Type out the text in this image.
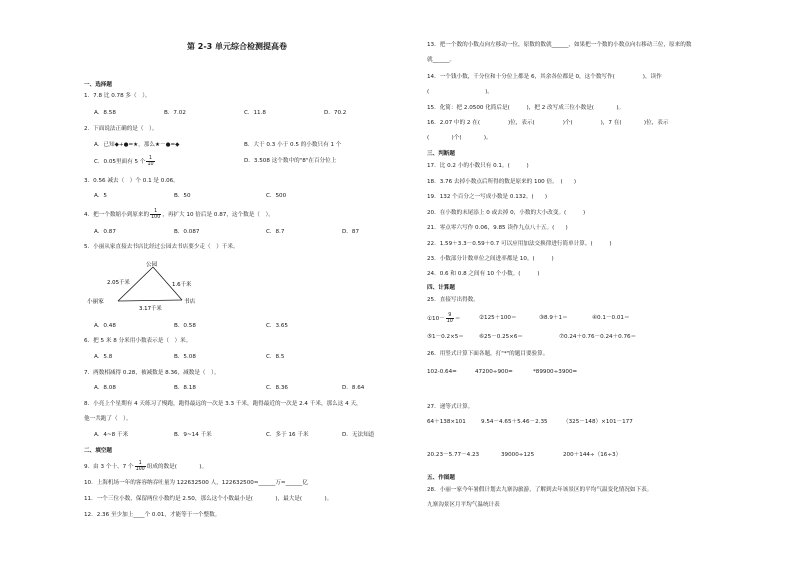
第 2-3 单元综合检测提高卷
一、选择题
1．7.8 比 0.78 多（　）。
A．8.58	B．7.02	C．11.8	D．70.2
2．下面说法正确的是（　）。
A．已知◆+●=★，那么★－●=◆	B．大于 0.3 小于 0.5 的小数只有 1 个
C．0.05里面有 5 个 $\frac{1}{10}$	D．3.508 这个数中的"8"在百分位上
3．0.56 减去（　）个 0.1 是 0.06。
A．5	B．50	C．500
4．把一个数缩小到原来的 $\frac{1}{100}$ ，再扩大 10 倍后是 0.87，这个数是（　）。
A．0.87	B．0.087	C．8.7	D．87
5．小丽从家直接去书店比经过公园去书店要少走（　）千米。
公园
小丽家	书店
2.05千米	1.6千米
3.17千米
A．0.48	B．0.58	C．3.65
6．把 5 米 8 分米用小数表示是（　）米。
A．5.8	B．5.08	C．8.5
7．两数相减得 0.28，被减数是 8.36，减数是（　）。
A．8.08	B．8.18	C．8.36	D．8.64
8．小亮上个星期有 4 天练习了慢跑，跑得最远的一次是 3.3 千米，跑得最近的一次是 2.4 千米，那么这 4 天，
他一共跑了（　）。
A．4~8 千米	B．9~14 千米	C．多于 16 千米	D．无法知道
二、填空题
9．由 3 个十、7 个 $\frac{1}{100}$ 组成的数是(　　　　)。
10．上海机场一年的客容纳吞吐量为 122632500 人，122632500≈______万≈______亿
11．一个三位小数，保留两位小数约是 2.50，那么这个小数最小是(　　　　)，最大是(　　　　)。
12．2.36 至少加上____个 0.01，才能等于一个整数。
13．把一个数的小数点向左移动一位，原数的数就______，如果把一个数的小数点向右移动三位，原来的数
就______。
14．一个钱小数，千分位和十分位上都是 6，其余各位都是 0，这个数写作(　　　　　)，读作
(　　　　　　　　　　)。
15．化简：把 2.0500 化简后是(　　　)，把 2 改写成三位小数是(　　　　)。
16．2.07 中的 2 在(　　　　　)位，表示(　　　　　)个(　　　　　)，7 在(　　　　)位，表示
(　　　　)个(　　　　)。
三、判断题
17．比 0.2 小的小数只有 0.1。(　　　)
18．3.76 去掉小数点后所得的数是原来的 100 倍。　(　　)
19．132 个百分之一写成小数是 0.132。(　　)
20．在小数的末尾添上 0 或去掉 0，小数的大小改变。(　　　)
21．零点零六写作 0.06，9.85 读作九点八十五。(　　)
22．1.59＋3.3－0.59＋0.7 可以应用加法交换律进行简单计算。(　　　)
23．小数部分计数单位之间进率都是 10。(　　　)
24．0.6 和 0.8 之间有 10 个小数。(　　　)
四、计算题
25．直接写出得数。
①10－ $\frac{9}{10}$ ＝	②125＋100＝	③8.9＋1＝	④0.1－0.01＝
⑤1－0.2×5＝	⑥25－0.25×6＝	⑦0.24＋0.76－0.24＋0.76＝
26．用竖式计算下面各题，打"*"的题目要验算。
102-0.64=	47200÷900=	*89900÷3900=
27．递等式计算。
64＋138×101	9.54－4.65＋5.46－2.35	（325－148）×101－177
20.23－5.77－4.23	39000÷125	200＋144÷（16÷3）
五、作图题
28．小丽一家今年暑假计划去九寨沟旅游，了解到去年该景区的平均气温变化情况如下表。
九寨沟景区月平均气温统计表
